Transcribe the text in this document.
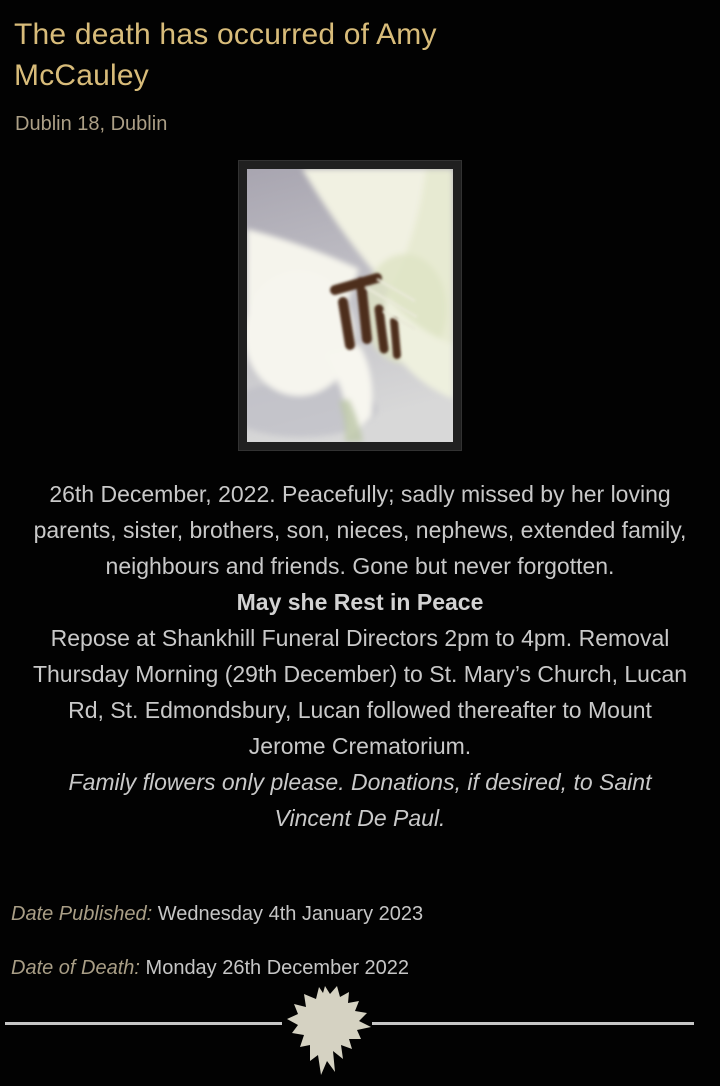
The death has occurred of Amy McCauley
Dublin 18, Dublin
26th December, 2022. Peacefully; sadly missed by her loving parents, sister, brothers, son, nieces, nephews, extended family, neighbours and friends. Gone but never forgotten.
May she Rest in Peace
Repose at Shankhill Funeral Directors 2pm to 4pm. Removal Thursday Morning (29th December) to St. Mary’s Church, Lucan Rd, St. Edmondsbury, Lucan followed thereafter to Mount Jerome Crematorium.
Family flowers only please. Donations, if desired, to Saint Vincent De Paul.
Date Published: Wednesday 4th January 2023
Date of Death: Monday 26th December 2022
